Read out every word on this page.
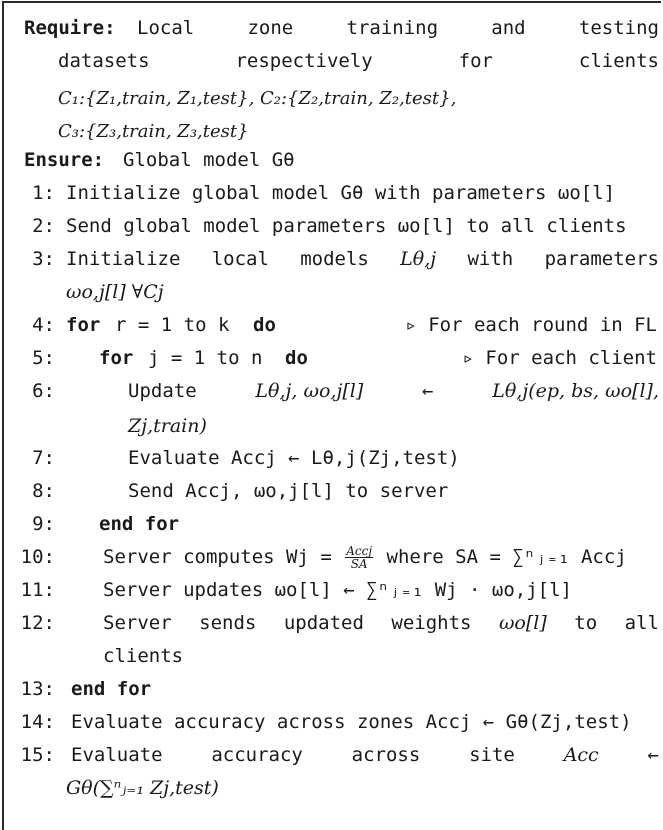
Require: Local	zone	training	and	testing
datasets	respectively	for	clients
C₁:{Z₁,train, Z₁,test}, C₂:{Z₂,train, Z₂,test},
C₃:{Z₃,train, Z₃,test}
Ensure: Global model Gθ
1: Initialize global model Gθ with parameters ωo[l]
2: Send global model parameters ωo[l] to all clients
3: Initialize local models Lθ,j with parameters
ωo,j[l] ∀Cj
4: for r = 1 to k do	▹ For each round in FL
5: for j = 1 to n do	▹ For each client
6:	Update	Lθ,j, ωo,j[l]	←	Lθ,j(ep, bs, ωo[l],
Zj,train)
7:	Evaluate Accj ← Lθ,j(Zj,test)
8:	Send Accj, ωo,j[l] to server
9: end for
10:	Server computes $Wj = \frac{\text{Accj}}{SA}$ where SA = ∑ⁿⱼ₌₁ Accj
11:	Server updates ωo[l] ← ∑ⁿⱼ₌₁ Wj · ωo,j[l]
12:	Server sends updated weights ωo[l] to all
clients
13: end for
14: Evaluate accuracy across zones Accj ← Gθ(Zj,test)
15: Evaluate	accuracy	across	site	Acc	←
Gθ(∑ⁿⱼ₌₁ Zj,test)
